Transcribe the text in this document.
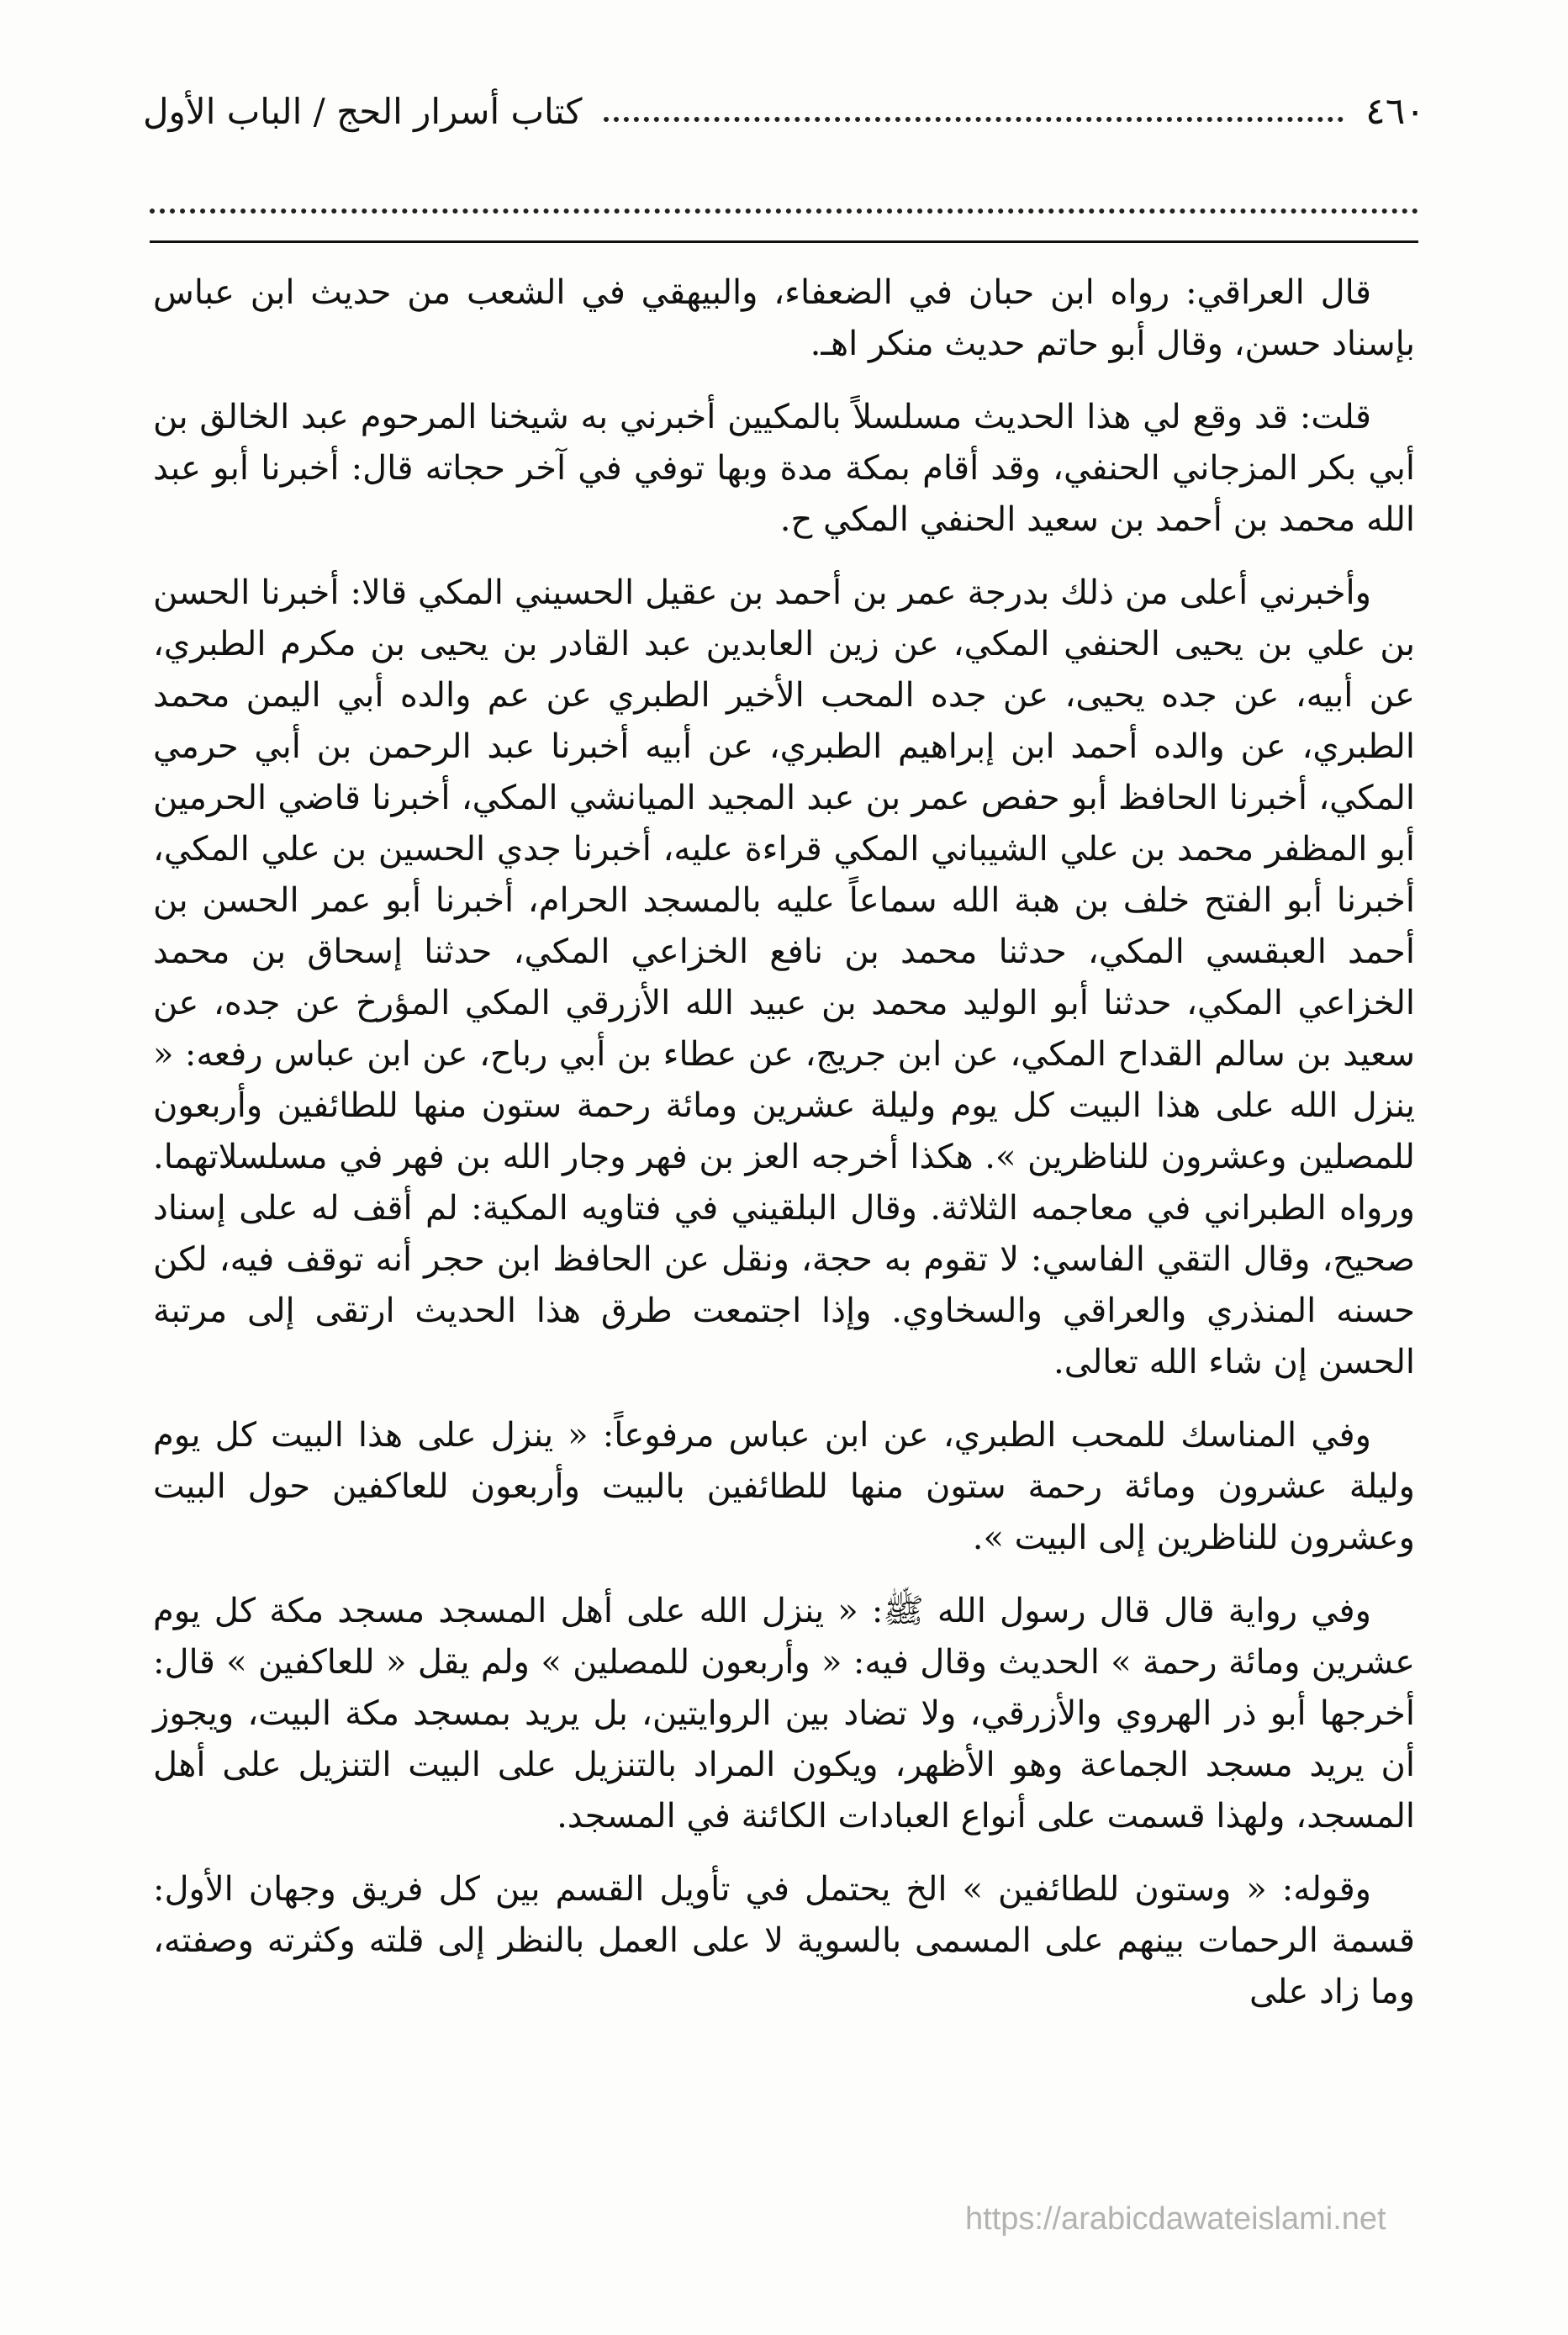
٤٦٠
كتاب أسرار الحج / الباب الأول

قال العراقي: رواه ابن حبان في الضعفاء، والبيهقي في الشعب من حديث ابن عباس بإسناد حسن، وقال أبو حاتم حديث منكر اهـ.

قلت: قد وقع لي هذا الحديث مسلسلاً بالمكيين أخبرني به شيخنا المرحوم عبد الخالق بن أبي بكر المزجاني الحنفي، وقد أقام بمكة مدة وبها توفي في آخر حجاته قال: أخبرنا أبو عبد الله محمد بن أحمد بن سعيد الحنفي المكي ح.

وأخبرني أعلى من ذلك بدرجة عمر بن أحمد بن عقيل الحسيني المكي قالا: أخبرنا الحسن بن علي بن يحيى الحنفي المكي، عن زين العابدين عبد القادر بن يحيى بن مكرم الطبري، عن أبيه، عن جده يحيى، عن جده المحب الأخير الطبري عن عم والده أبي اليمن محمد الطبري، عن والده أحمد ابن إبراهيم الطبري، عن أبيه أخبرنا عبد الرحمن بن أبي حرمي المكي، أخبرنا الحافظ أبو حفص عمر بن عبد المجيد الميانشي المكي، أخبرنا قاضي الحرمين أبو المظفر محمد بن علي الشيباني المكي قراءة عليه، أخبرنا جدي الحسين بن علي المكي، أخبرنا أبو الفتح خلف بن هبة الله سماعاً عليه بالمسجد الحرام، أخبرنا أبو عمر الحسن بن أحمد العبقسي المكي، حدثنا محمد بن نافع الخزاعي المكي، حدثنا إسحاق بن محمد الخزاعي المكي، حدثنا أبو الوليد محمد بن عبيد الله الأزرقي المكي المؤرخ عن جده، عن سعيد بن سالم القداح المكي، عن ابن جريج، عن عطاء بن أبي رباح، عن ابن عباس رفعه: « ينزل الله على هذا البيت كل يوم وليلة عشرين ومائة رحمة ستون منها للطائفين وأربعون للمصلين وعشرون للناظرين ». هكذا أخرجه العز بن فهر وجار الله بن فهر في مسلسلاتهما. ورواه الطبراني في معاجمه الثلاثة. وقال البلقيني في فتاويه المكية: لم أقف له على إسناد صحيح، وقال التقي الفاسي: لا تقوم به حجة، ونقل عن الحافظ ابن حجر أنه توقف فيه، لكن حسنه المنذري والعراقي والسخاوي. وإذا اجتمعت طرق هذا الحديث ارتقى إلى مرتبة الحسن إن شاء الله تعالى.

وفي المناسك للمحب الطبري، عن ابن عباس مرفوعاً: « ينزل على هذا البيت كل يوم وليلة عشرون ومائة رحمة ستون منها للطائفين بالبيت وأربعون للعاكفين حول البيت وعشرون للناظرين إلى البيت ».

وفي رواية قال قال رسول الله ﷺ: « ينزل الله على أهل المسجد مسجد مكة كل يوم عشرين ومائة رحمة » الحديث وقال فيه: « وأربعون للمصلين » ولم يقل « للعاكفين » قال: أخرجها أبو ذر الهروي والأزرقي، ولا تضاد بين الروايتين، بل يريد بمسجد مكة البيت، ويجوز أن يريد مسجد الجماعة وهو الأظهر، ويكون المراد بالتنزيل على البيت التنزيل على أهل المسجد، ولهذا قسمت على أنواع العبادات الكائنة في المسجد.

وقوله: « وستون للطائفين » الخ يحتمل في تأويل القسم بين كل فريق وجهان الأول: قسمة الرحمات بينهم على المسمى بالسوية لا على العمل بالنظر إلى قلته وكثرته وصفته، وما زاد على

https://arabicdawateislami.net
